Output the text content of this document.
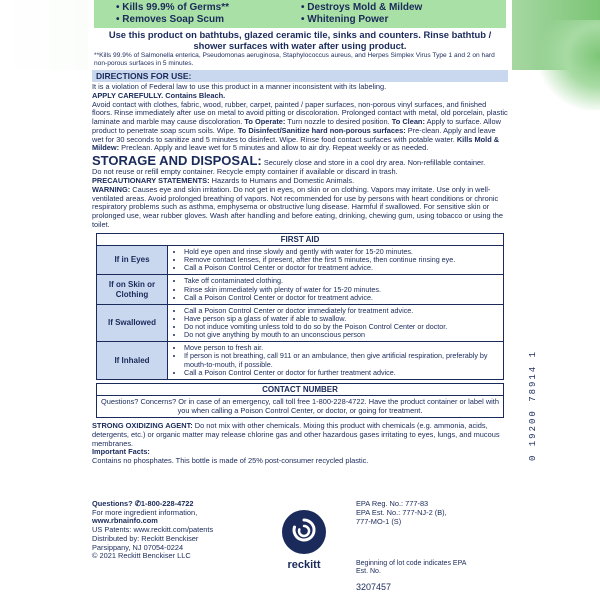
• Kills 99.9% of Germs**	• Destroys Mold & Mildew
• Removes Soap Scum	• Whitening Power
Use this product on bathtubs, glazed ceramic tile, sinks and counters. Rinse bathtub / shower surfaces with water after using product.
**Kills 99.9% of Salmonella enterica, Pseudomonas aeruginosa, Staphylococcus aureus, and Herpes Simplex Virus Type 1 and 2 on hard non-porous surfaces in 5 minutes.
DIRECTIONS FOR USE:
It is a violation of Federal law to use this product in a manner inconsistent with its labeling.
APPLY CAREFULLY. Contains Bleach.
Avoid contact with clothes, fabric, wood, rubber, carpet, painted / paper surfaces, non-porous vinyl surfaces, and finished floors. Rinse immediately after use on metal to avoid pitting or discoloration. Prolonged contact with metal, old porcelain, plastic laminate and marble may cause discoloration. To Operate: Turn nozzle to desired position. To Clean: Apply to surface. Allow product to penetrate soap scum soils. Wipe. To Disinfect/Sanitize hard non-porous surfaces: Pre-clean. Apply and leave wet for 30 seconds to sanitize and 5 minutes to disinfect. Wipe. Rinse food contact surfaces with potable water. Kills Mold & Mildew: Preclean. Apply and leave wet for 5 minutes and allow to air dry. Repeat weekly or as needed.
STORAGE AND DISPOSAL: Securely close and store in a cool dry area. Non-refillable container.
Do not reuse or refill empty container. Recycle empty container if available or discard in trash.
PRECAUTIONARY STATEMENTS: Hazards to Humans and Domestic Animals.
WARNING: Causes eye and skin irritation. Do not get in eyes, on skin or on clothing. Vapors may irritate. Use only in well-ventilated areas. Avoid prolonged breathing of vapors. Not recommended for use by persons with heart conditions or chronic respiratory problems such as asthma, emphysema or obstructive lung disease. Harmful if swallowed. For sensitive skin or prolonged use, wear rubber gloves. Wash after handling and before eating, drinking, chewing gum, using tobacco or using the toilet.
FIRST AID
If in Eyes
• Hold eye open and rinse slowly and gently with water for 15-20 minutes.
• Remove contact lenses, if present, after the first 5 minutes, then continue rinsing eye.
• Call a Poison Control Center or doctor for treatment advice.
If on Skin or Clothing
• Take off contaminated clothing.
• Rinse skin immediately with plenty of water for 15-20 minutes.
• Call a Poison Control Center or doctor for treatment advice.
If Swallowed
• Call a Poison Control Center or doctor immediately for treatment advice.
• Have person sip a glass of water if able to swallow.
• Do not induce vomiting unless told to do so by the Poison Control Center or doctor.
• Do not give anything by mouth to an unconscious person
If Inhaled
• Move person to fresh air.
• If person is not breathing, call 911 or an ambulance, then give artificial respiration, preferably by mouth-to-mouth, if possible.
• Call a Poison Control Center or doctor for further treatment advice.
CONTACT NUMBER
Questions? Concerns? Or in case of an emergency, call toll free 1-800-228-4722. Have the product container or label with you when calling a Poison Control Center, or doctor, or going for treatment.
STRONG OXIDIZING AGENT: Do not mix with other chemicals. Mixing this product with chemicals (e.g. ammonia, acids, detergents, etc.) or organic matter may release chlorine gas and other hazardous gases irritating to eyes, lungs, and mucous membranes.
Important Facts:
Contains no phosphates. This bottle is made of 25% post-consumer recycled plastic.
Questions? ✆1-800-228-4722
For more ingredient information,
www.rbnainfo.com
US Patents: www.reckitt.com/patents
Distributed by: Reckitt Benckiser
Parsippany, NJ 07054-0224
© 2021 Reckitt Benckiser LLC
reckitt
EPA Reg. No.: 777-83
EPA Est. No.: 777-NJ-2 (B),
777-MO-1 (S)
Beginning of lot code indicates EPA Est. No.
3207457
0 19200 78914 1
